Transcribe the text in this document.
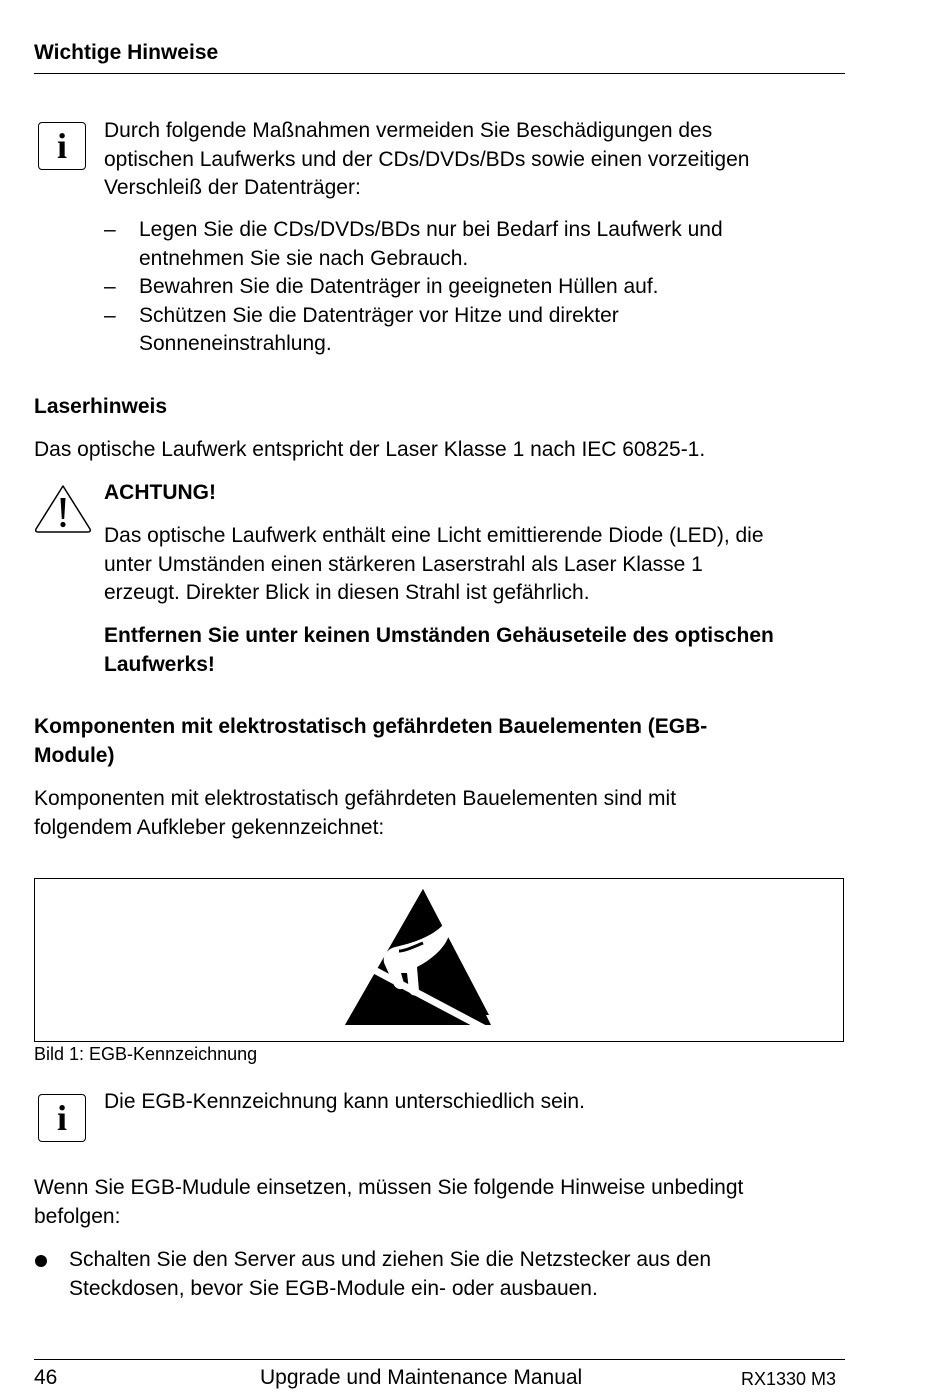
Wichtige Hinweise
i	Durch folgende Maßnahmen vermeiden Sie Beschädigungen des
optischen Laufwerks und der CDs/DVDs/BDs sowie einen vorzeitigen
Verschleiß der Datenträger:
– Legen Sie die CDs/DVDs/BDs nur bei Bedarf ins Laufwerk und
entnehmen Sie sie nach Gebrauch.
– Bewahren Sie die Datenträger in geeigneten Hüllen auf.
– Schützen Sie die Datenträger vor Hitze und direkter
Sonneneinstrahlung.
Laserhinweis
Das optische Laufwerk entspricht der Laser Klasse 1 nach IEC 60825-1.
ACHTUNG!
Das optische Laufwerk enthält eine Licht emittierende Diode (LED), die
unter Umständen einen stärkeren Laserstrahl als Laser Klasse 1
erzeugt. Direkter Blick in diesen Strahl ist gefährlich.
Entfernen Sie unter keinen Umständen Gehäuseteile des optischen
Laufwerks!
Komponenten mit elektrostatisch gefährdeten Bauelementen (EGB-
Module)
Komponenten mit elektrostatisch gefährdeten Bauelementen sind mit
folgendem Aufkleber gekennzeichnet:
Bild 1: EGB-Kennzeichnung
i	Die EGB-Kennzeichnung kann unterschiedlich sein.
Wenn Sie EGB-Mudule einsetzen, müssen Sie folgende Hinweise unbedingt
befolgen:
Schalten Sie den Server aus und ziehen Sie die Netzstecker aus den
Steckdosen, bevor Sie EGB-Module ein- oder ausbauen.
46	Upgrade und Maintenance Manual	RX1330 M3
